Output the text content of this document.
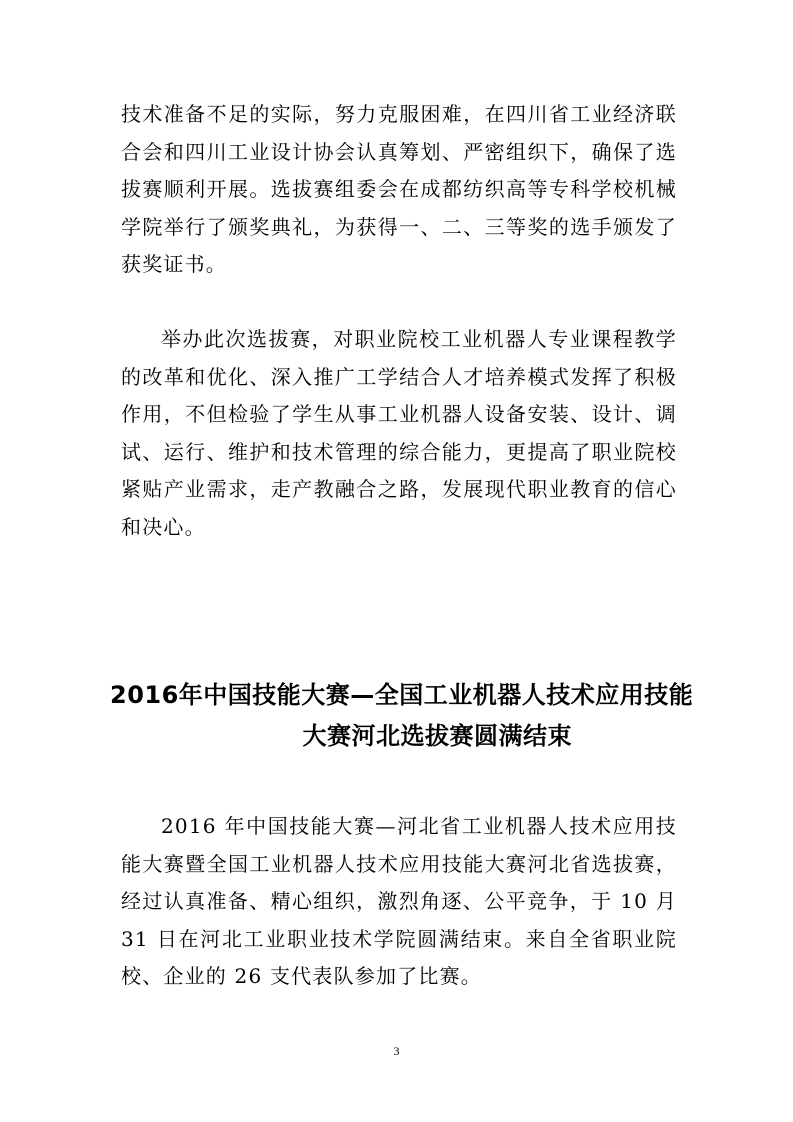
技术准备不足的实际，努力克服困难，在四川省工业经济联
合会和四川工业设计协会认真筹划、严密组织下，确保了选
拔赛顺利开展。选拔赛组委会在成都纺织高等专科学校机械
学院举行了颁奖典礼，为获得一、二、三等奖的选手颁发了
获奖证书。
举办此次选拔赛，对职业院校工业机器人专业课程教学
的改革和优化、深入推广工学结合人才培养模式发挥了积极
作用，不但检验了学生从事工业机器人设备安装、设计、调
试、运行、维护和技术管理的综合能力，更提高了职业院校
紧贴产业需求，走产教融合之路，发展现代职业教育的信心
和决心。
2016年中国技能大赛—全国工业机器人技术应用技能
大赛河北选拔赛圆满结束
2016 年中国技能大赛—河北省工业机器人技术应用技
能大赛暨全国工业机器人技术应用技能大赛河北省选拔赛，
经过认真准备、精心组织，激烈角逐、公平竞争，于 10 月
31 日在河北工业职业技术学院圆满结束。来自全省职业院
校、企业的 26 支代表队参加了比赛。
3
